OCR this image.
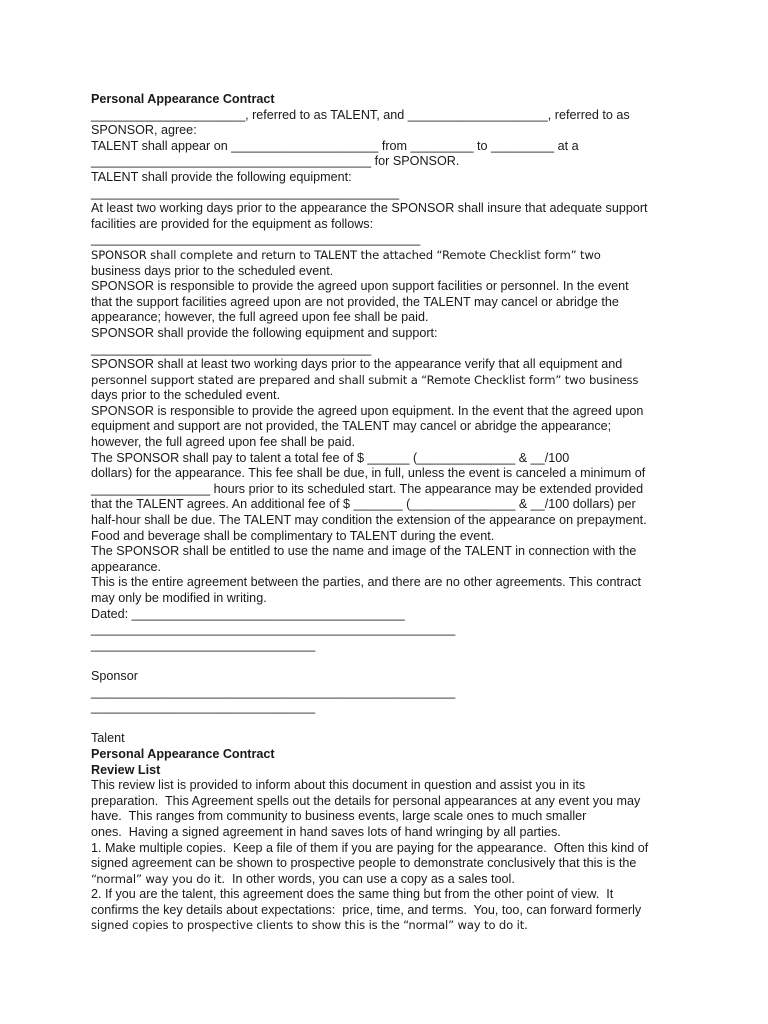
Personal Appearance Contract
______________________, referred to as TALENT, and ____________________, referred to as
SPONSOR, agree:
TALENT shall appear on _____________________ from _________ to _________ at a
________________________________________ for SPONSOR.
TALENT shall provide the following equipment:
____________________________________________
At least two working days prior to the appearance the SPONSOR shall insure that adequate support
facilities are provided for the equipment as follows:
_______________________________________________
SPONSOR shall complete and return to TALENT the attached “Remote Checklist form” two
business days prior to the scheduled event.
SPONSOR is responsible to provide the agreed upon support facilities or personnel. In the event
that the support facilities agreed upon are not provided, the TALENT may cancel or abridge the
appearance; however, the full agreed upon fee shall be paid.
SPONSOR shall provide the following equipment and support:
________________________________________
SPONSOR shall at least two working days prior to the appearance verify that all equipment and
personnel support stated are prepared and shall submit a “Remote Checklist form” two business
days prior to the scheduled event.
SPONSOR is responsible to provide the agreed upon equipment. In the event that the agreed upon
equipment and support are not provided, the TALENT may cancel or abridge the appearance;
however, the full agreed upon fee shall be paid.
The SPONSOR shall pay to talent a total fee of $ ______ (______________ & __/100
dollars) for the appearance. This fee shall be due, in full, unless the event is canceled a minimum of
_________________ hours prior to its scheduled start. The appearance may be extended provided
that the TALENT agrees. An additional fee of $ _______ (_______________ & __/100 dollars) per
half-hour shall be due. The TALENT may condition the extension of the appearance on prepayment.
Food and beverage shall be complimentary to TALENT during the event.
The SPONSOR shall be entitled to use the name and image of the TALENT in connection with the
appearance.
This is the entire agreement between the parties, and there are no other agreements. This contract
may only be modified in writing.
Dated: _______________________________________
____________________________________________________
________________________________
Sponsor
____________________________________________________
________________________________
Talent
Personal Appearance Contract
Review List
This review list is provided to inform about this document in question and assist you in its
preparation.  This Agreement spells out the details for personal appearances at any event you may
have.  This ranges from community to business events, large scale ones to much smaller
ones.  Having a signed agreement in hand saves lots of hand wringing by all parties.
1. Make multiple copies.  Keep a file of them if you are paying for the appearance.  Often this kind of
signed agreement can be shown to prospective people to demonstrate conclusively that this is the
“normal” way you do it.  In other words, you can use a copy as a sales tool.
2. If you are the talent, this agreement does the same thing but from the other point of view.  It
confirms the key details about expectations:  price, time, and terms.  You, too, can forward formerly
signed copies to prospective clients to show this is the “normal” way to do it.
